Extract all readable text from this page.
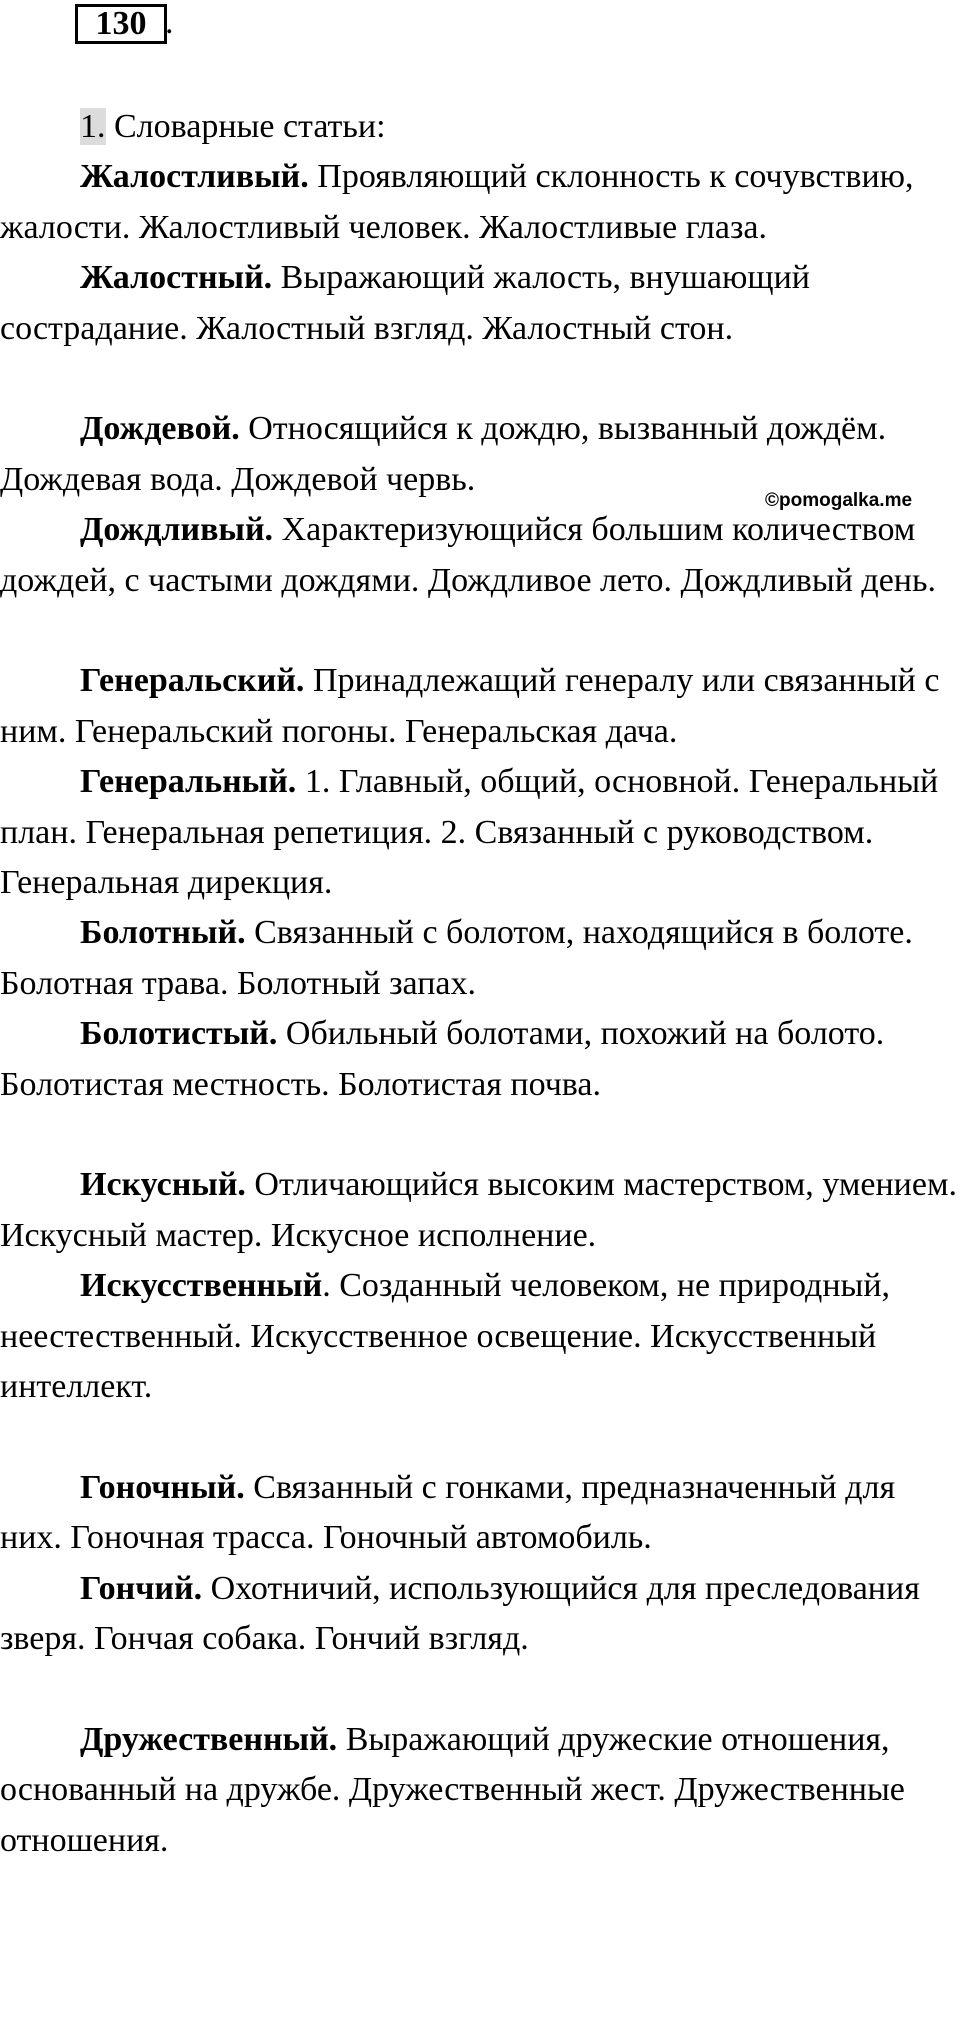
130 .

1. Словарные статьи:

Жалостливый. Проявляющий склонность к сочувствию, жалости. Жалостливый человек. Жалостливые глаза.

Жалостный. Выражающий жалость, внушающий сострадание. Жалостный взгляд. Жалостный стон.

Дождевой. Относящийся к дождю, вызванный дождём. Дождевая вода. Дождевой червь.

Дождливый. Характеризующийся большим количеством дождей, с частыми дождями. Дождливое лето. Дождливый день.

Генеральский. Принадлежащий генералу или связанный с ним. Генеральский погоны. Генеральская дача.

Генеральный. 1. Главный, общий, основной. Генеральный план. Генеральная репетиция. 2. Связанный с руководством. Генеральная дирекция.

Болотный. Связанный с болотом, находящийся в болоте. Болотная трава. Болотный запах.

Болотистый. Обильный болотами, похожий на болото. Болотистая местность. Болотистая почва.

Искусный. Отличающийся высоким мастерством, умением. Искусный мастер. Искусное исполнение.

Искусственный. Созданный человеком, не природный, неестественный. Искусственное освещение. Искусственный интеллект.

Гоночный. Связанный с гонками, предназначенный для них. Гоночная трасса. Гоночный автомобиль.

Гончий. Охотничий, использующийся для преследования зверя. Гончая собака. Гончий взгляд.

Дружественный. Выражающий дружеские отношения, основанный на дружбе. Дружественный жест. Дружественные отношения.

©pomogalka.me
